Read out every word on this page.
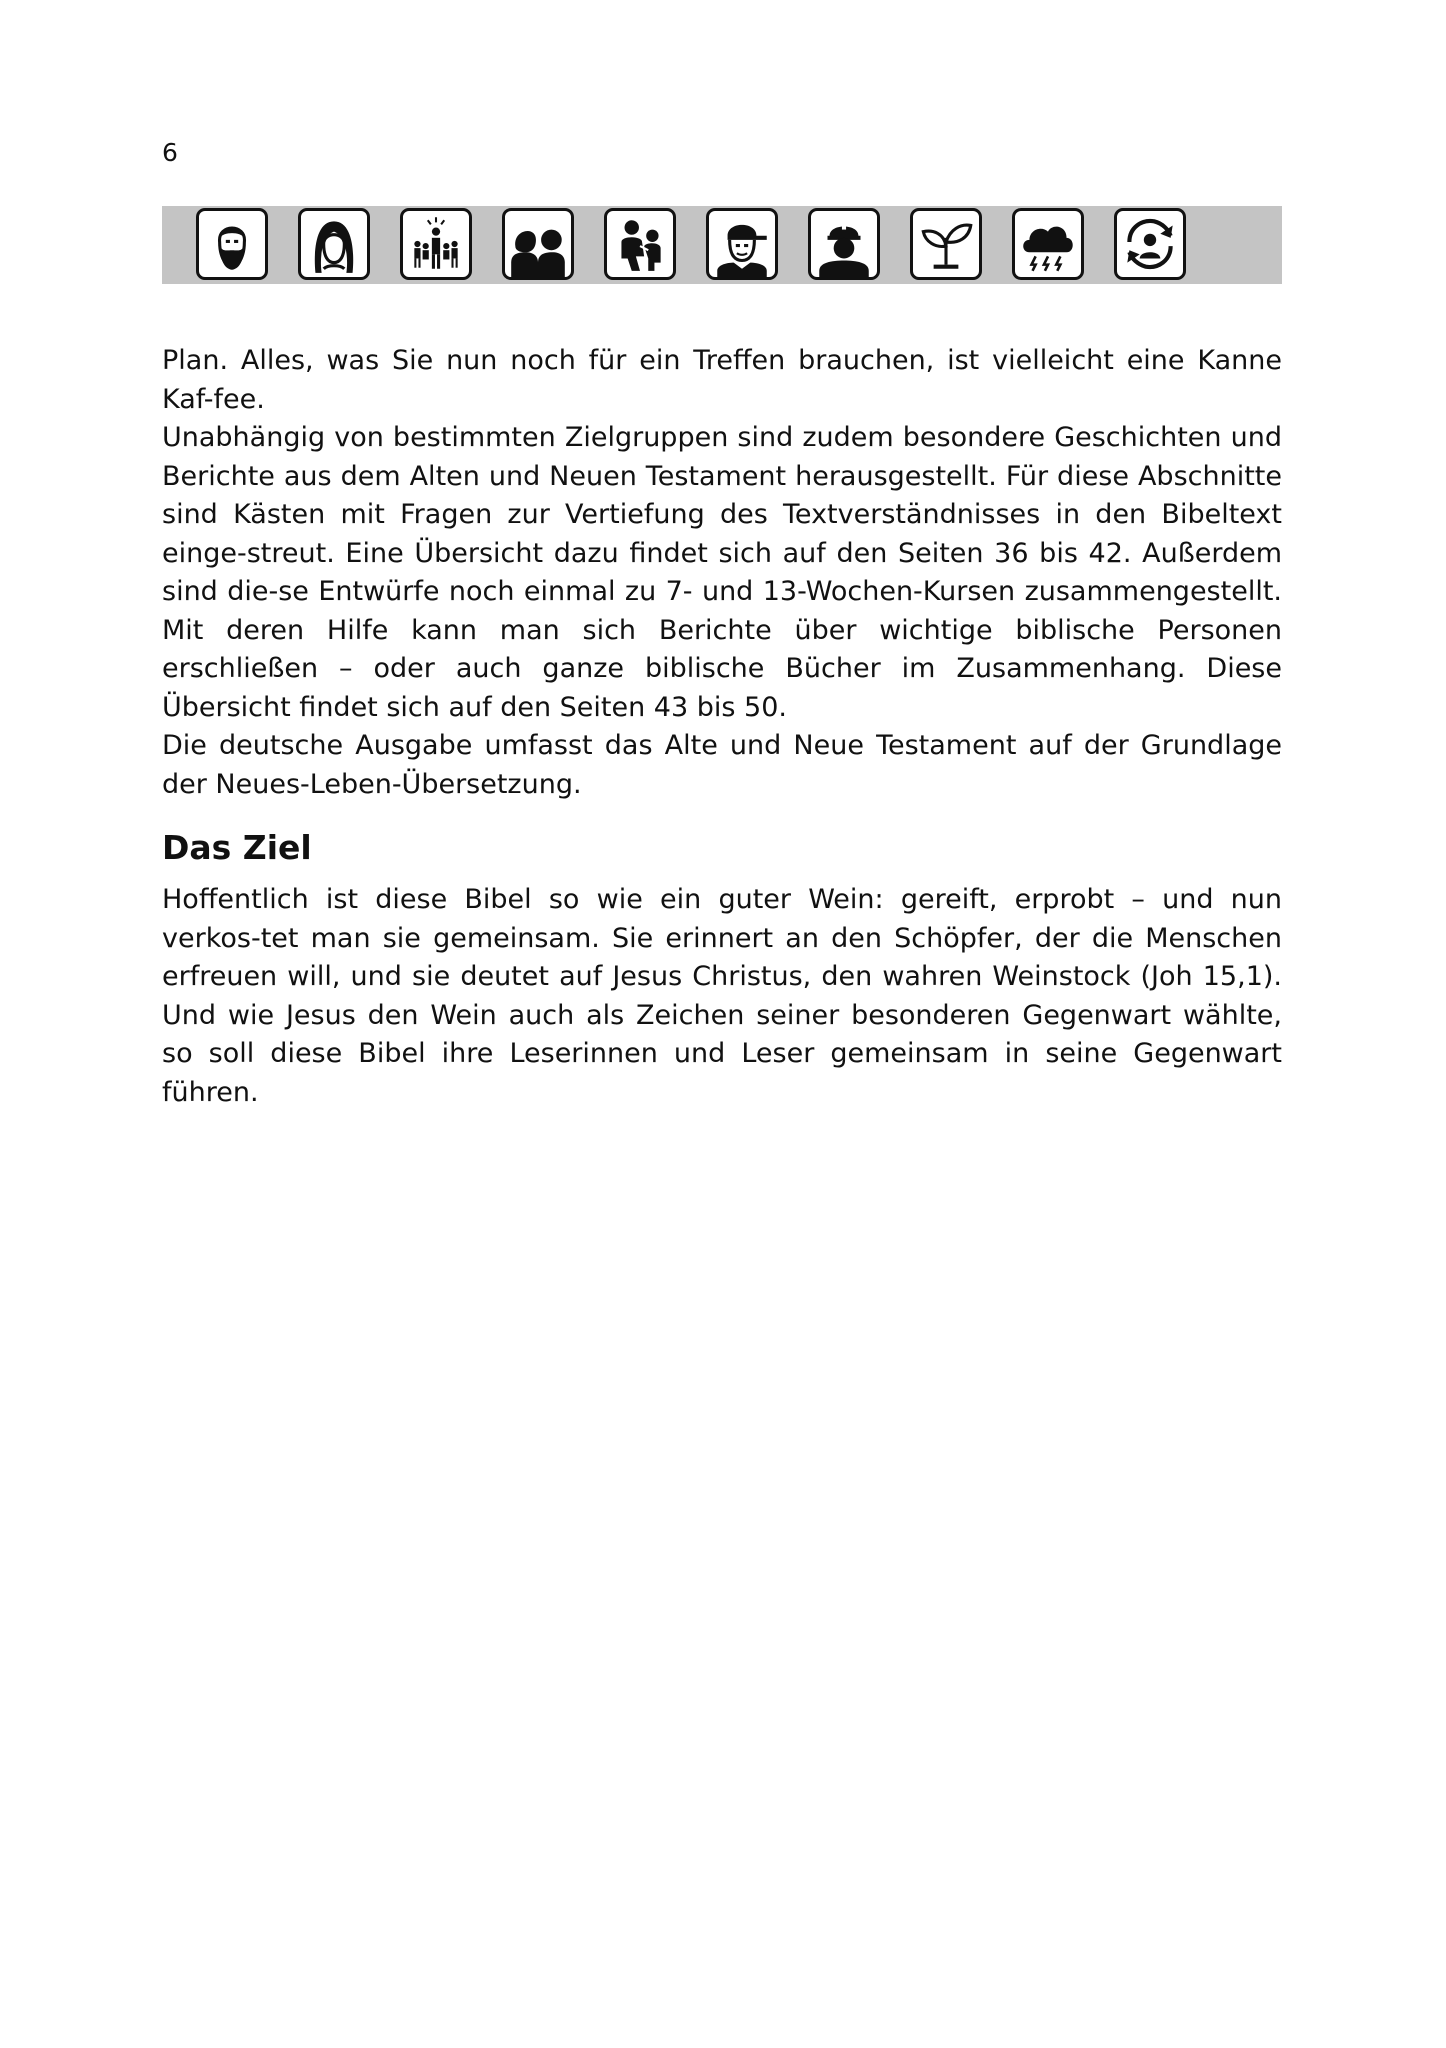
6

Plan. Alles, was Sie nun noch für ein Treffen brauchen, ist vielleicht eine Kanne Kaf-fee.

Unabhängig von bestimmten Zielgruppen sind zudem besondere Geschichten und Berichte aus dem Alten und Neuen Testament herausgestellt. Für diese Abschnitte sind Kästen mit Fragen zur Vertiefung des Textverständnisses in den Bibeltext einge-streut. Eine Übersicht dazu findet sich auf den Seiten 36 bis 42. Außerdem sind die-se Entwürfe noch einmal zu 7- und 13-Wochen-Kursen zusammengestellt. Mit deren Hilfe kann man sich Berichte über wichtige biblische Personen erschließen – oder auch ganze biblische Bücher im Zusammenhang. Diese Übersicht findet sich auf den Seiten 43 bis 50.

Die deutsche Ausgabe umfasst das Alte und Neue Testament auf der Grundlage der Neues-Leben-Übersetzung.

Das Ziel

Hoffentlich ist diese Bibel so wie ein guter Wein: gereift, erprobt – und nun verkos-tet man sie gemeinsam. Sie erinnert an den Schöpfer, der die Menschen erfreuen will, und sie deutet auf Jesus Christus, den wahren Weinstock (Joh 15,1). Und wie Jesus den Wein auch als Zeichen seiner besonderen Gegenwart wählte, so soll diese Bibel ihre Leserinnen und Leser gemeinsam in seine Gegenwart führen.
